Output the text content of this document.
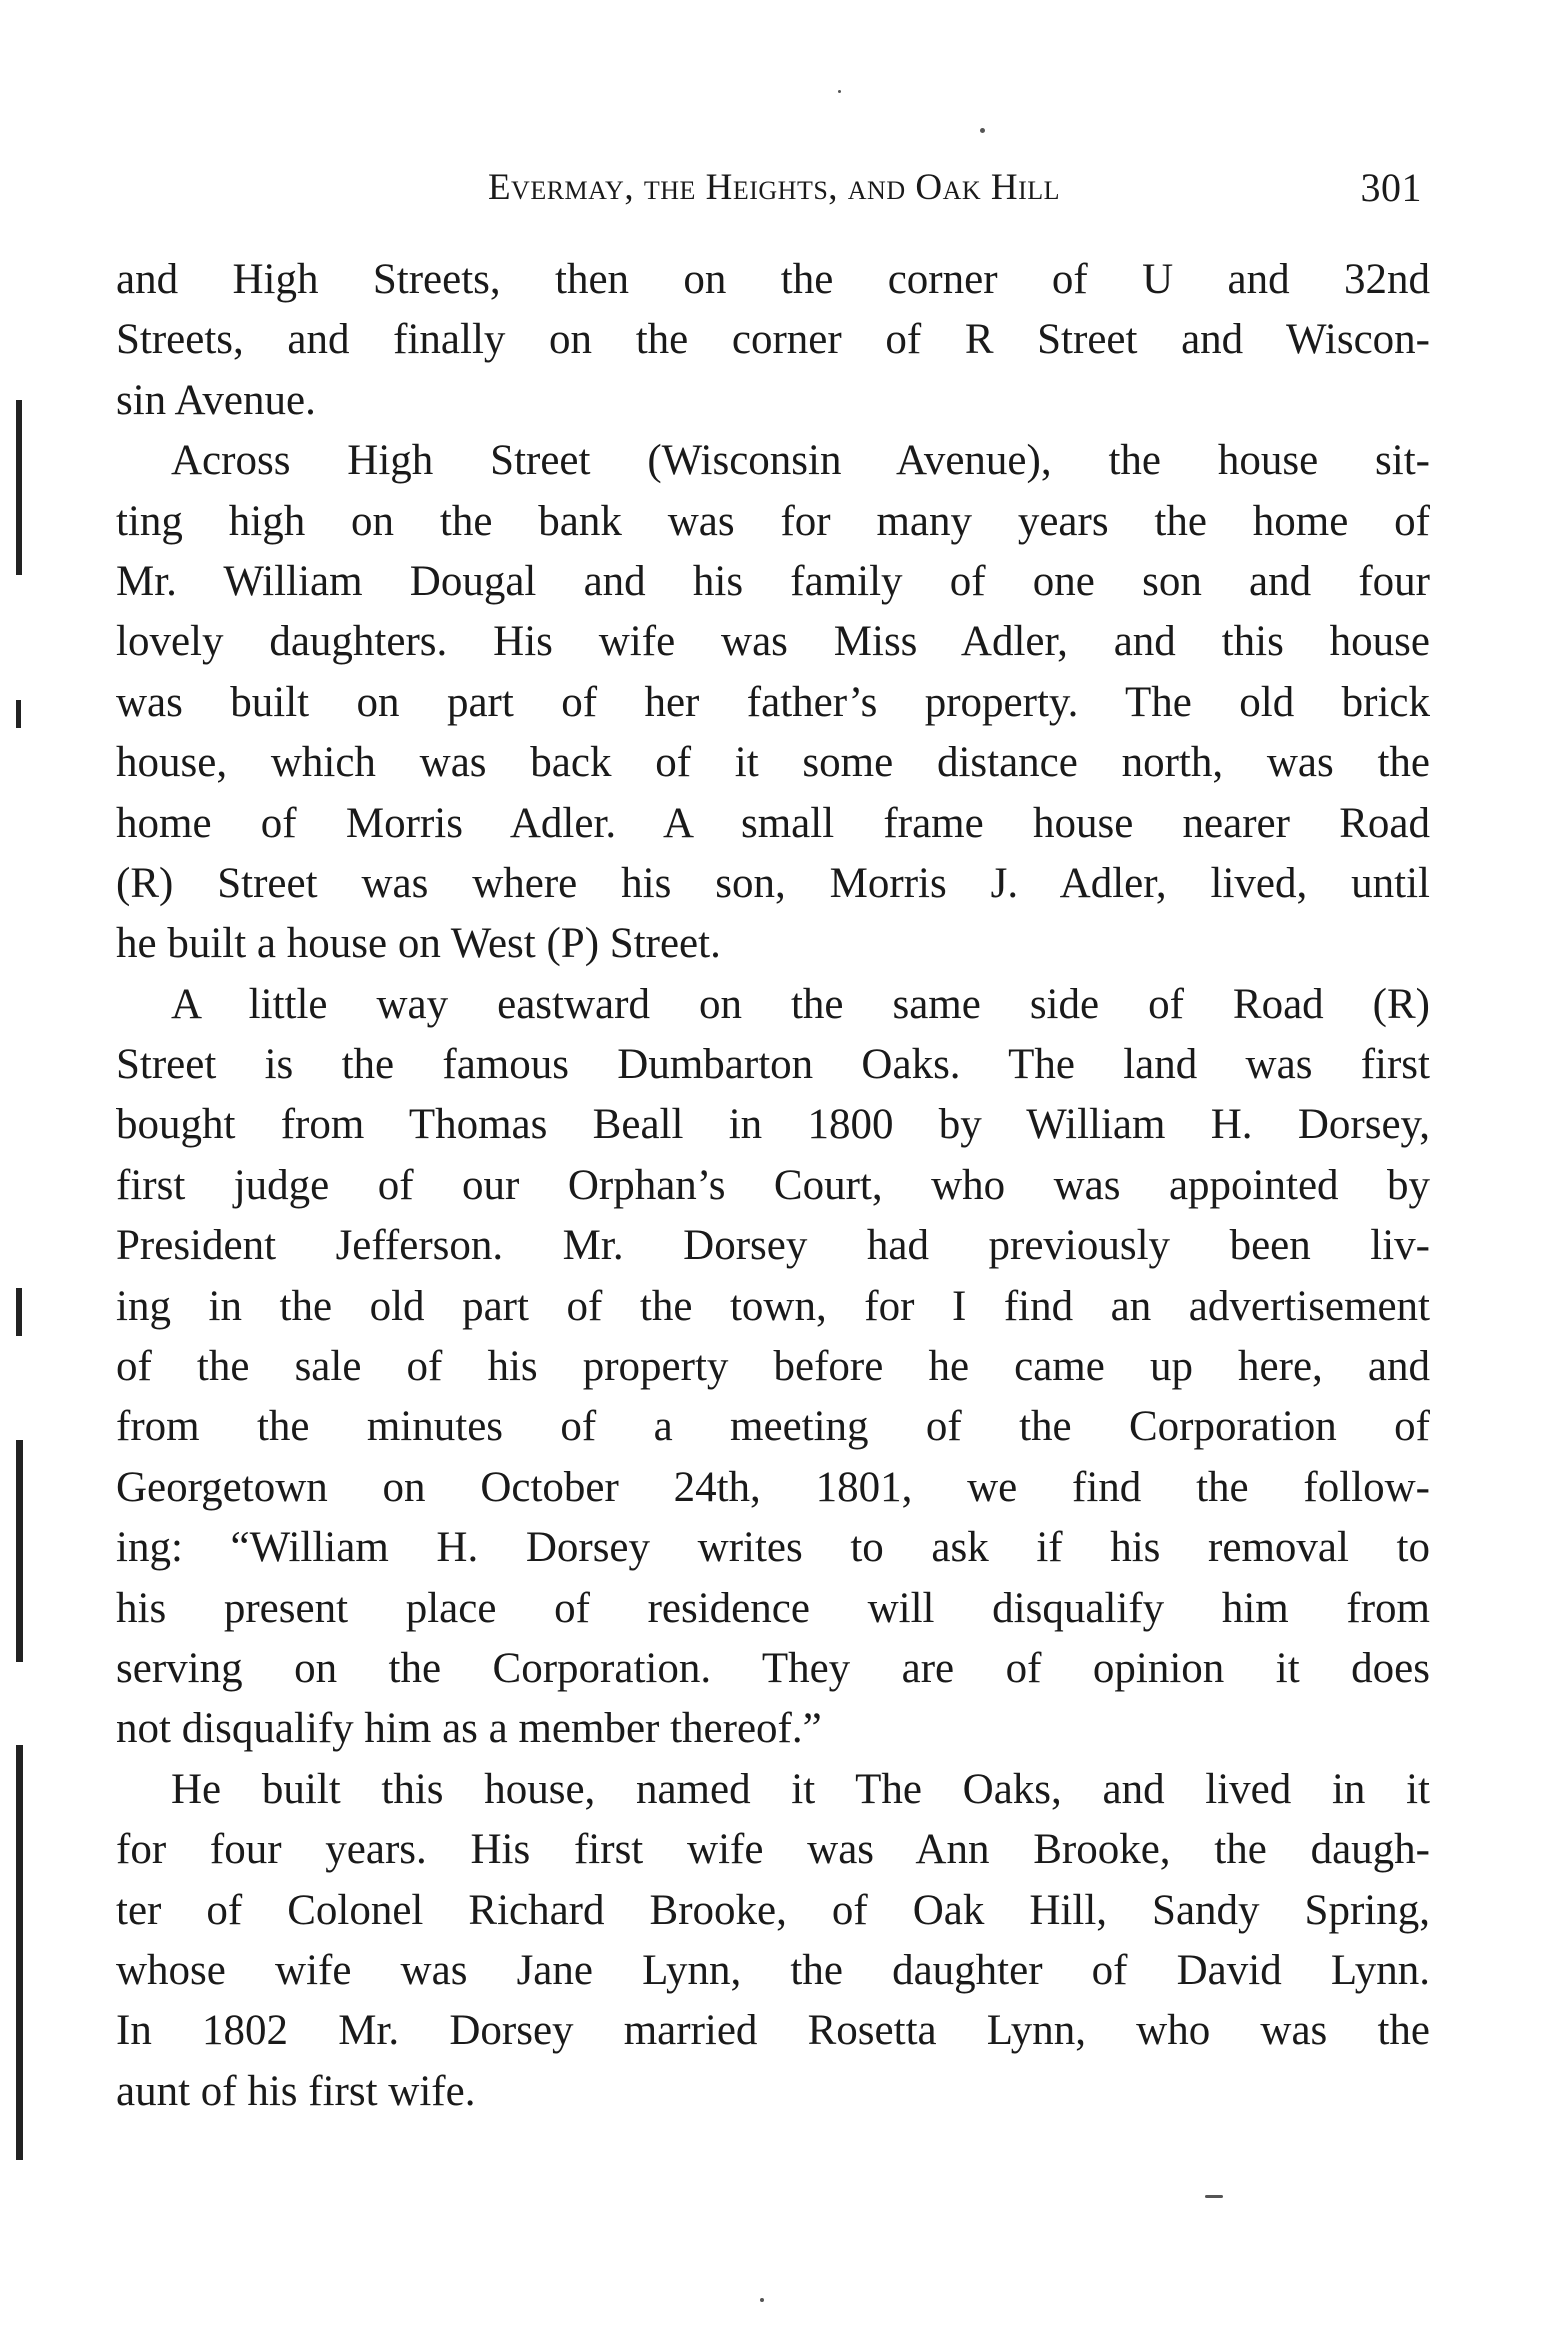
Evermay, the Heights, and Oak Hill	301
and High Streets, then on the corner of U and 32nd
Streets, and finally on the corner of R Street and Wiscon-
sin Avenue.
Across High Street (Wisconsin Avenue), the house sit-
ting high on the bank was for many years the home of
Mr. William Dougal and his family of one son and four
lovely daughters. His wife was Miss Adler, and this house
was built on part of her father’s property. The old brick
house, which was back of it some distance north, was the
home of Morris Adler. A small frame house nearer Road
(R) Street was where his son, Morris J. Adler, lived, until
he built a house on West (P) Street.
A little way eastward on the same side of Road (R)
Street is the famous Dumbarton Oaks. The land was first
bought from Thomas Beall in 1800 by William H. Dorsey,
first judge of our Orphan’s Court, who was appointed by
President Jefferson. Mr. Dorsey had previously been liv-
ing in the old part of the town, for I find an advertisement
of the sale of his property before he came up here, and
from the minutes of a meeting of the Corporation of
Georgetown on October 24th, 1801, we find the follow-
ing: “William H. Dorsey writes to ask if his removal to
his present place of residence will disqualify him from
serving on the Corporation. They are of opinion it does
not disqualify him as a member thereof.”
He built this house, named it The Oaks, and lived in it
for four years. His first wife was Ann Brooke, the daugh-
ter of Colonel Richard Brooke, of Oak Hill, Sandy Spring,
whose wife was Jane Lynn, the daughter of David Lynn.
In 1802 Mr. Dorsey married Rosetta Lynn, who was the
aunt of his first wife.
